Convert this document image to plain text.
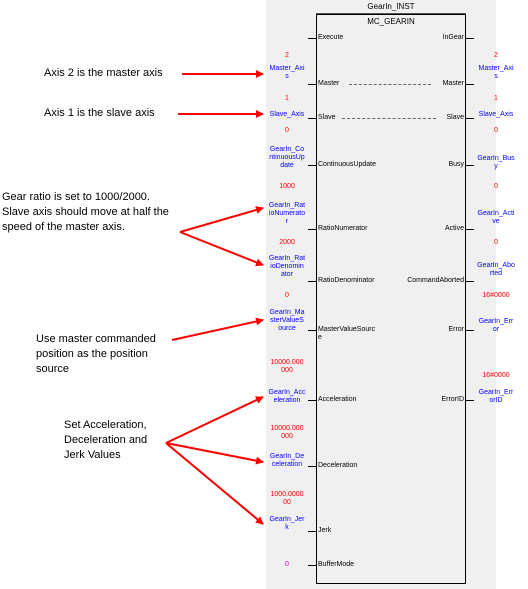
GearIn_INST
MC_GEARIN
Execute
Master
Slave
ContinuousUpdate
RatioNumerator
RatioDenominator
MasterValueSourc
e
Acceleration
Deceleration
Jerk
BufferMode
InGear
Master
Slave
Busy
Active
CommandAborted
Error
ErrorID
2
Master_Axi
s
1
Slave_Axis
0
GearIn_Co
ntinuousUp
date
1000
GearIn_Rat
ioNumerato
r
2000
GearIn_Rat
ioDenomin
ator
0
GearIn_Ma
sterValueS
ource
10000.000
000
GearIn_Acc
eleration
10000.000
000
GearIn_De
celeration
1000.0000
00
GearIn_Jer
k
0
2
Master_Axi
s
1
Slave_Axis
0
GearIn_Bus
y
0
GearIn_Acti
ve
0
GearIn_Abo
rted
16#0000
GearIn_Err
or
16#0000
GearIn_Err
orID
Axis 2 is the master axis
Axis 1 is the slave axis
Gear ratio is set to 1000/2000. Slave axis should move at half the speed of the master axis.
Use master commanded position as the position source
Set Acceleration, Deceleration and Jerk Values
